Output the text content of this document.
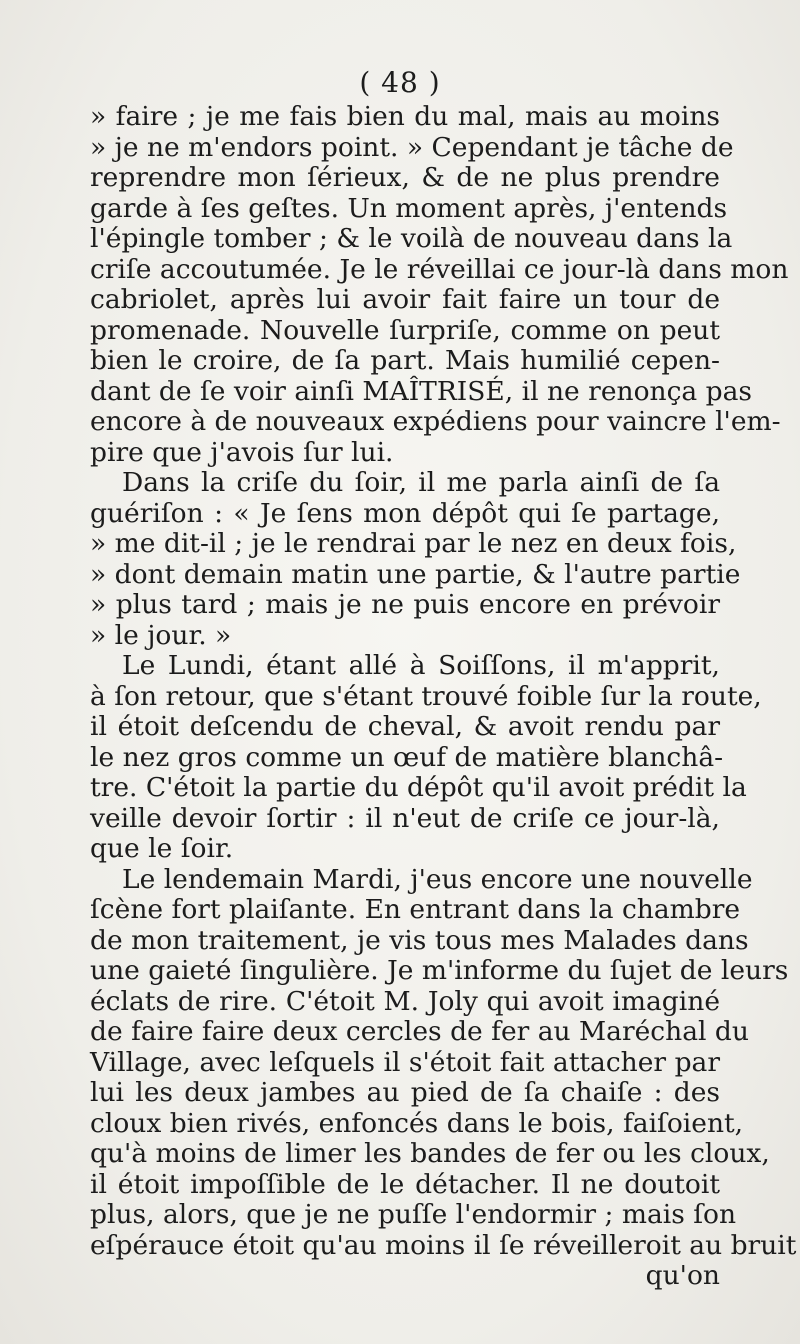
( 48 )
» faire ; je me fais bien du mal, mais au moins
» je ne m'endors point. » Cependant je tâche de
reprendre mon ſérieux, & de ne plus prendre
garde à ſes geſtes. Un moment après, j'entends
l'épingle tomber ; & le voilà de nouveau dans la
criſe accoutumée. Je le réveillai ce jour-là dans mon
cabriolet, après lui avoir fait faire un tour de
promenade. Nouvelle ſurpriſe, comme on peut
bien le croire, de ſa part. Mais humilié cepen-
dant de ſe voir ainſi MAÎTRISÉ, il ne renonça pas
encore à de nouveaux expédiens pour vaincre l'em-
pire que j'avois ſur lui.
Dans la criſe du ſoir, il me parla ainſi de ſa
guériſon : « Je ſens mon dépôt qui ſe partage,
» me dit-il ; je le rendrai par le nez en deux fois,
» dont demain matin une partie, & l'autre partie
» plus tard ; mais je ne puis encore en prévoir
» le jour. »
Le Lundi, étant allé à Soiſſons, il m'apprit,
à ſon retour, que s'étant trouvé foible ſur la route,
il étoit deſcendu de cheval, & avoit rendu par
le nez gros comme un œuf de matière blanchâ-
tre. C'étoit la partie du dépôt qu'il avoit prédit la
veille devoir ſortir : il n'eut de criſe ce jour-là,
que le ſoir.
Le lendemain Mardi, j'eus encore une nouvelle
ſcène fort plaiſante. En entrant dans la chambre
de mon traitement, je vis tous mes Malades dans
une gaieté ſingulière. Je m'informe du ſujet de leurs
éclats de rire. C'étoit M. Joly qui avoit imaginé
de faire faire deux cercles de fer au Maréchal du
Village, avec leſquels il s'étoit fait attacher par
lui les deux jambes au pied de ſa chaiſe : des
cloux bien rivés, enfoncés dans le bois, faiſoient,
qu'à moins de limer les bandes de fer ou les cloux,
il étoit impoſſible de le détacher. Il ne doutoit
plus, alors, que je ne puſſe l'endormir ; mais ſon
eſpérauce étoit qu'au moins il ſe réveilleroit au bruit
qu'on
